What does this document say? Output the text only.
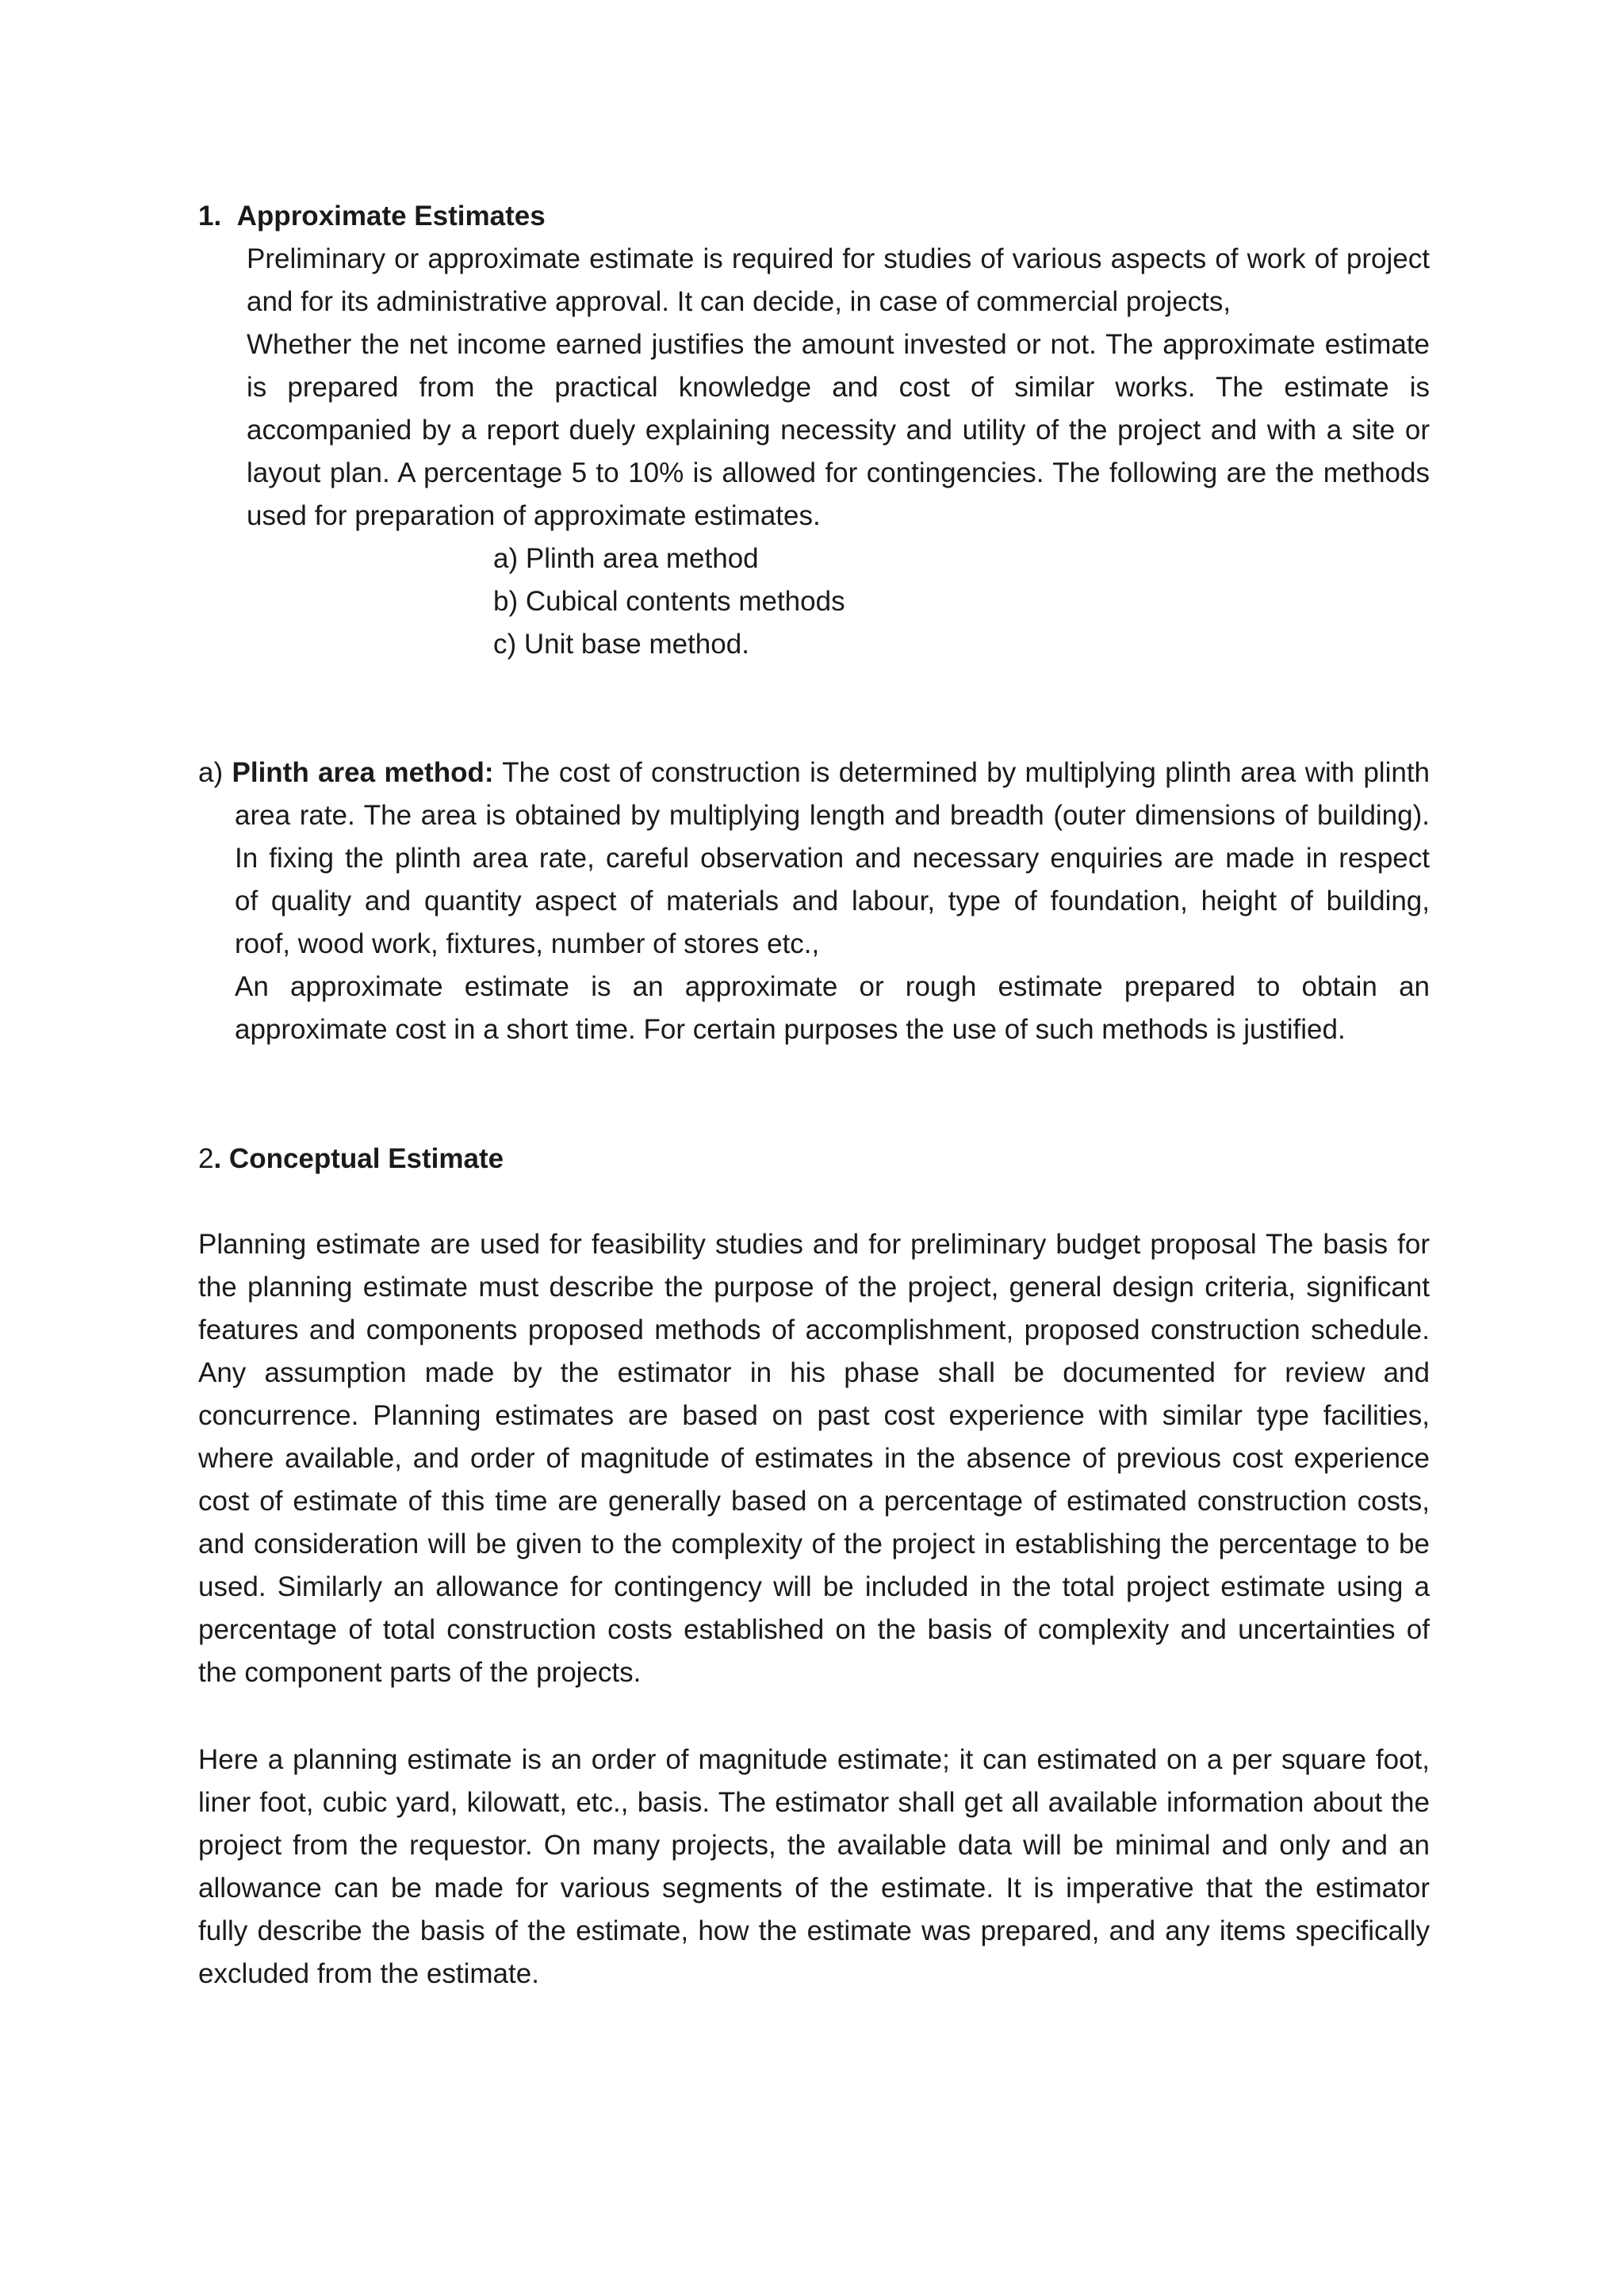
1. Approximate Estimates
Preliminary or approximate estimate is required for studies of various aspects of work of project
and for its administrative approval. It can decide, in case of commercial projects,
Whether the net income earned justifies the amount invested or not. The approximate estimate
is prepared from the practical knowledge and cost of similar works. The estimate is
accompanied by a report duely explaining necessity and utility of the project and with a site or
layout plan. A percentage 5 to 10% is allowed for contingencies. The following are the methods
used for preparation of approximate estimates.
a) Plinth area method
b) Cubical contents methods
c) Unit base method.
a) Plinth area method: The cost of construction is determined by multiplying plinth area with plinth
area rate. The area is obtained by multiplying length and breadth (outer dimensions of building).
In fixing the plinth area rate, careful observation and necessary enquiries are made in respect
of quality and quantity aspect of materials and labour, type of foundation, height of building,
roof, wood work, fixtures, number of stores etc.,
An approximate estimate is an approximate or rough estimate prepared to obtain an
approximate cost in a short time. For certain purposes the use of such methods is justified.
2. Conceptual Estimate
Planning estimate are used for feasibility studies and for preliminary budget proposal The basis for
the planning estimate must describe the purpose of the project, general design criteria, significant
features and components proposed methods of accomplishment, proposed construction schedule.
Any assumption made by the estimator in his phase shall be documented for review and
concurrence. Planning estimates are based on past cost experience with similar type facilities,
where available, and order of magnitude of estimates in the absence of previous cost experience
cost of estimate of this time are generally based on a percentage of estimated construction costs,
and consideration will be given to the complexity of the project in establishing the percentage to be
used. Similarly an allowance for contingency will be included in the total project estimate using a
percentage of total construction costs established on the basis of complexity and uncertainties of
the component parts of the projects.
Here a planning estimate is an order of magnitude estimate; it can estimated on a per square foot,
liner foot, cubic yard, kilowatt, etc., basis. The estimator shall get all available information about the
project from the requestor. On many projects, the available data will be minimal and only and an
allowance can be made for various segments of the estimate. It is imperative that the estimator
fully describe the basis of the estimate, how the estimate was prepared, and any items specifically
excluded from the estimate.
